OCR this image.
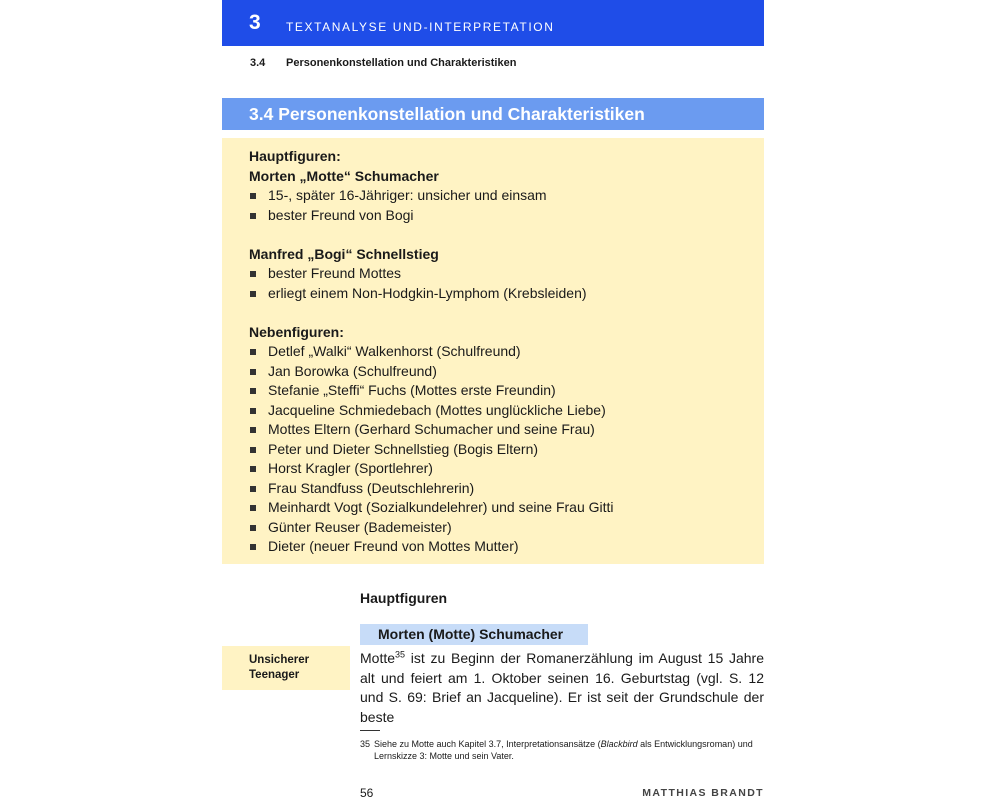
3 TEXTANALYSE UND-INTERPRETATION
3.4 Personenkonstellation und Charakteristiken
3.4 Personenkonstellation und Charakteristiken
Hauptfiguren:
Morten „Motte“ Schumacher
15-, später 16-Jähriger: unsicher und einsam
bester Freund von Bogi
Manfred „Bogi“ Schnellstieg
bester Freund Mottes
erliegt einem Non-Hodgkin-Lymphom (Krebsleiden)
Nebenfiguren:
Detlef „Walki“ Walkenhorst (Schulfreund)
Jan Borowka (Schulfreund)
Stefanie „Steffi“ Fuchs (Mottes erste Freundin)
Jacqueline Schmiedebach (Mottes unglückliche Liebe)
Mottes Eltern (Gerhard Schumacher und seine Frau)
Peter und Dieter Schnellstieg (Bogis Eltern)
Horst Kragler (Sportlehrer)
Frau Standfuss (Deutschlehrerin)
Meinhardt Vogt (Sozialkundelehrer) und seine Frau Gitti
Günter Reuser (Bademeister)
Dieter (neuer Freund von Mottes Mutter)
Hauptfiguren
Morten (Motte) Schumacher
Unsicherer
Teenager
Motte$^{35}$ ist zu Beginn der Romanerzählung im August 15 Jahre alt und feiert am 1. Oktober seinen 16. Geburtstag (vgl. S. 12 und S. 69: Brief an Jacqueline). Er ist seit der Grundschule der beste
35 Siehe zu Motte auch Kapitel 3.7, Interpretationsansätze (Blackbird als Entwicklungsroman) und Lernskizze 3: Motte und sein Vater.
56	MATTHIAS BRANDT
